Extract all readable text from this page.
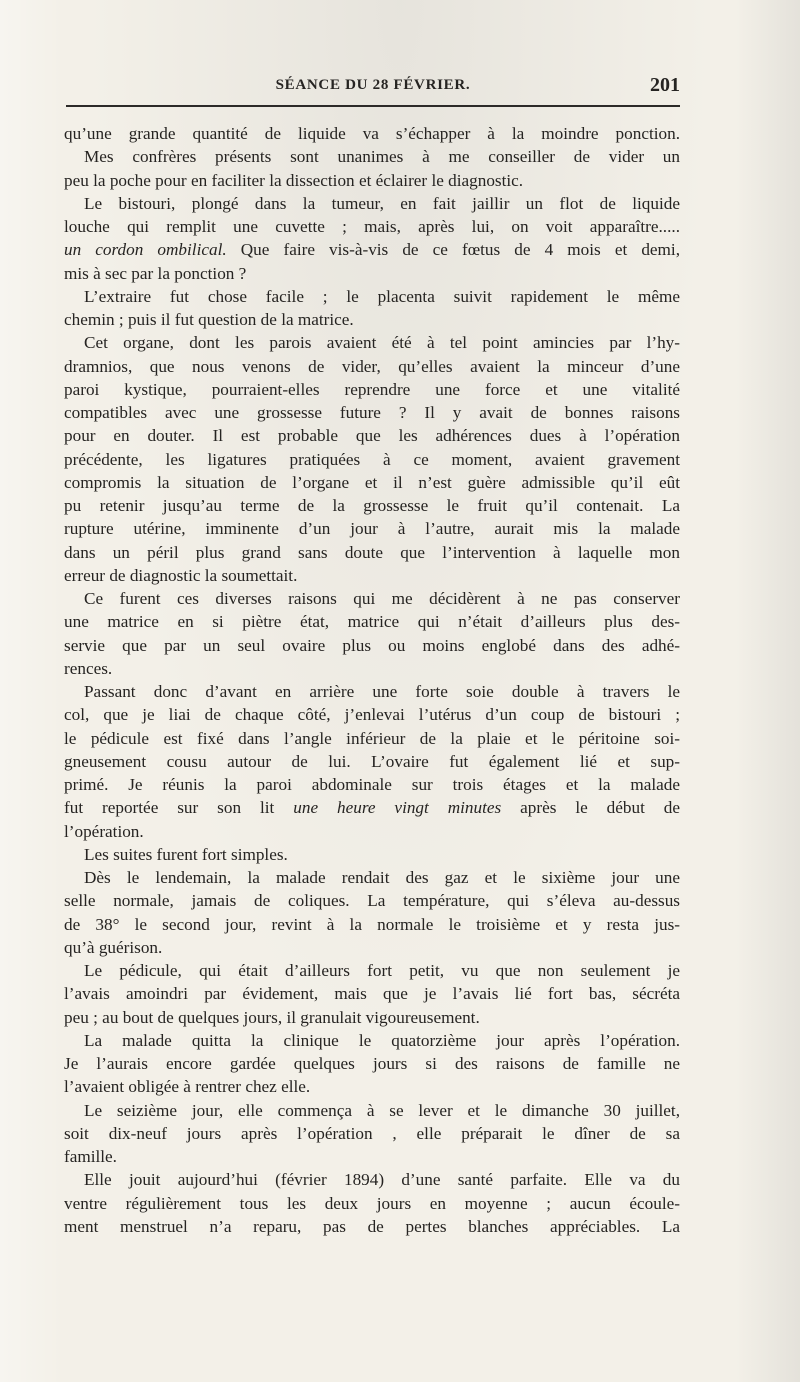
SÉANCE DU 28 FÉVRIER.	201
qu’une grande quantité de liquide va s’échapper à la moindre ponction.
Mes confrères présents sont unanimes à me conseiller de vider un
peu la poche pour en faciliter la dissection et éclairer le diagnostic.
Le bistouri, plongé dans la tumeur, en fait jaillir un flot de liquide
louche qui remplit une cuvette ; mais, après lui, on voit apparaître.....
un cordon ombilical. Que faire vis-à-vis de ce fœtus de 4 mois et demi,
mis à sec par la ponction ?
L’extraire fut chose facile ; le placenta suivit rapidement le même
chemin ; puis il fut question de la matrice.
Cet organe, dont les parois avaient été à tel point amincies par l’hy-
dramnios, que nous venons de vider, qu’elles avaient la minceur d’une
paroi kystique, pourraient-elles reprendre une force et une vitalité
compatibles avec une grossesse future ? Il y avait de bonnes raisons
pour en douter. Il est probable que les adhérences dues à l’opération
précédente, les ligatures pratiquées à ce moment, avaient gravement
compromis la situation de l’organe et il n’est guère admissible qu’il eût
pu retenir jusqu’au terme de la grossesse le fruit qu’il contenait. La
rupture utérine, imminente d’un jour à l’autre, aurait mis la malade
dans un péril plus grand sans doute que l’intervention à laquelle mon
erreur de diagnostic la soumettait.
Ce furent ces diverses raisons qui me décidèrent à ne pas conserver
une matrice en si piètre état, matrice qui n’était d’ailleurs plus des-
servie que par un seul ovaire plus ou moins englobé dans des adhé-
rences.
Passant donc d’avant en arrière une forte soie double à travers le
col, que je liai de chaque côté, j’enlevai l’utérus d’un coup de bistouri ;
le pédicule est fixé dans l’angle inférieur de la plaie et le péritoine soi-
gneusement cousu autour de lui. L’ovaire fut également lié et sup-
primé. Je réunis la paroi abdominale sur trois étages et la malade
fut reportée sur son lit une heure vingt minutes après le début de
l’opération.
Les suites furent fort simples.
Dès le lendemain, la malade rendait des gaz et le sixième jour une
selle normale, jamais de coliques. La température, qui s’éleva au-dessus
de 38° le second jour, revint à la normale le troisième et y resta jus-
qu’à guérison.
Le pédicule, qui était d’ailleurs fort petit, vu que non seulement je
l’avais amoindri par évidement, mais que je l’avais lié fort bas, sécréta
peu ; au bout de quelques jours, il granulait vigoureusement.
La malade quitta la clinique le quatorzième jour après l’opération.
Je l’aurais encore gardée quelques jours si des raisons de famille ne
l’avaient obligée à rentrer chez elle.
Le seizième jour, elle commença à se lever et le dimanche 30 juillet,
soit dix-neuf jours après l’opération , elle préparait le dîner de sa
famille.
Elle jouit aujourd’hui (février 1894) d’une santé parfaite. Elle va du
ventre régulièrement tous les deux jours en moyenne ; aucun écoule-
ment menstruel n’a reparu, pas de pertes blanches appréciables. La
